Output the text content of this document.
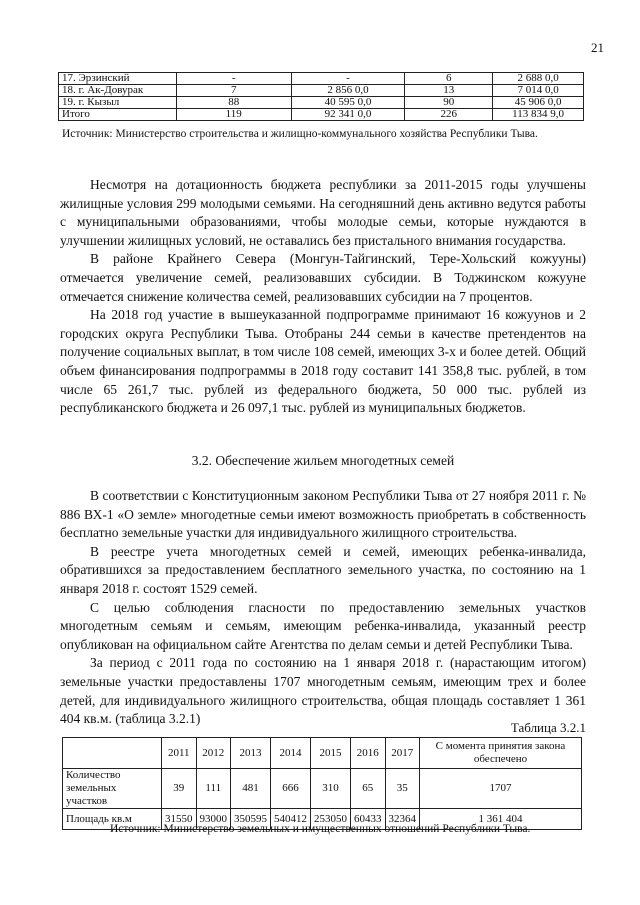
21
17. Эрзинский	-	-	6	2 688 0,0
18. г. Ак-Довурак	7	2 856 0,0	13	7 014 0,0
19. г. Кызыл	88	40 595 0,0	90	45 906 0,0
Итого	119	92 341 0,0	226	113 834 9,0
Источник: Министерство строительства и жилищно-коммунального хозяйства Республики Тыва.

Несмотря на дотационность бюджета республики за 2011-2015 годы улучшены жилищные условия 299 молодыми семьями. На сегодняшний день активно ведутся работы с муниципальными образованиями, чтобы молодые семьи, которые нуждаются в улучшении жилищных условий, не оставались без пристального внимания государства.

В районе Крайнего Севера (Монгун-Тайгинский, Тере-Хольский кожууны) отмечается увеличение семей, реализовавших субсидии. В Тоджинском кожууне отмечается снижение количества семей, реализовавших субсидии на 7 процентов.

На 2018 год участие в вышеуказанной подпрограмме принимают 16 кожуунов и 2 городских округа Республики Тыва. Отобраны 244 семьи в качестве претендентов на получение социальных выплат, в том числе 108 семей, имеющих 3-х и более детей. Общий объем финансирования подпрограммы в 2018 году составит 141 358,8 тыс. рублей, в том числе 65 261,7 тыс. рублей из федерального бюджета, 50 000 тыс. рублей из республиканского бюджета и 26 097,1 тыс. рублей из муниципальных бюджетов.

3.2. Обеспечение жильем многодетных семей

В соответствии с Конституционным законом Республики Тыва от 27 ноября 2011 г. № 886 ВХ-1 «О земле» многодетные семьи имеют возможность приобретать в собственность бесплатно земельные участки для индивидуального жилищного строительства.

В реестре учета многодетных семей и семей, имеющих ребенка-инвалида, обратившихся за предоставлением бесплатного земельного участка, по состоянию на 1 января 2018 г. состоят 1529 семей.

С целью соблюдения гласности по предоставлению земельных участков многодетным семьям и семьям, имеющим ребенка-инвалида, указанный реестр опубликован на официальном сайте Агентства по делам семьи и детей Республики Тыва.

За период с 2011 года по состоянию на 1 января 2018 г. (нарастающим итогом) земельные участки предоставлены 1707 многодетным семьям, имеющим трех и более детей, для индивидуального жилищного строительства, общая площадь составляет 1 361 404 кв.м. (таблица 3.2.1)

Таблица 3.2.1
	2011	2012	2013	2014	2015	2016	2017	С момента принятия закона обеспечено
Количество земельных участков	39	111	481	666	310	65	35	1707
Площадь кв.м	31550	93000	350595	540412	253050	60433	32364	1 361 404
Источник: Министерство земельных и имущественных отношений Республики Тыва.
